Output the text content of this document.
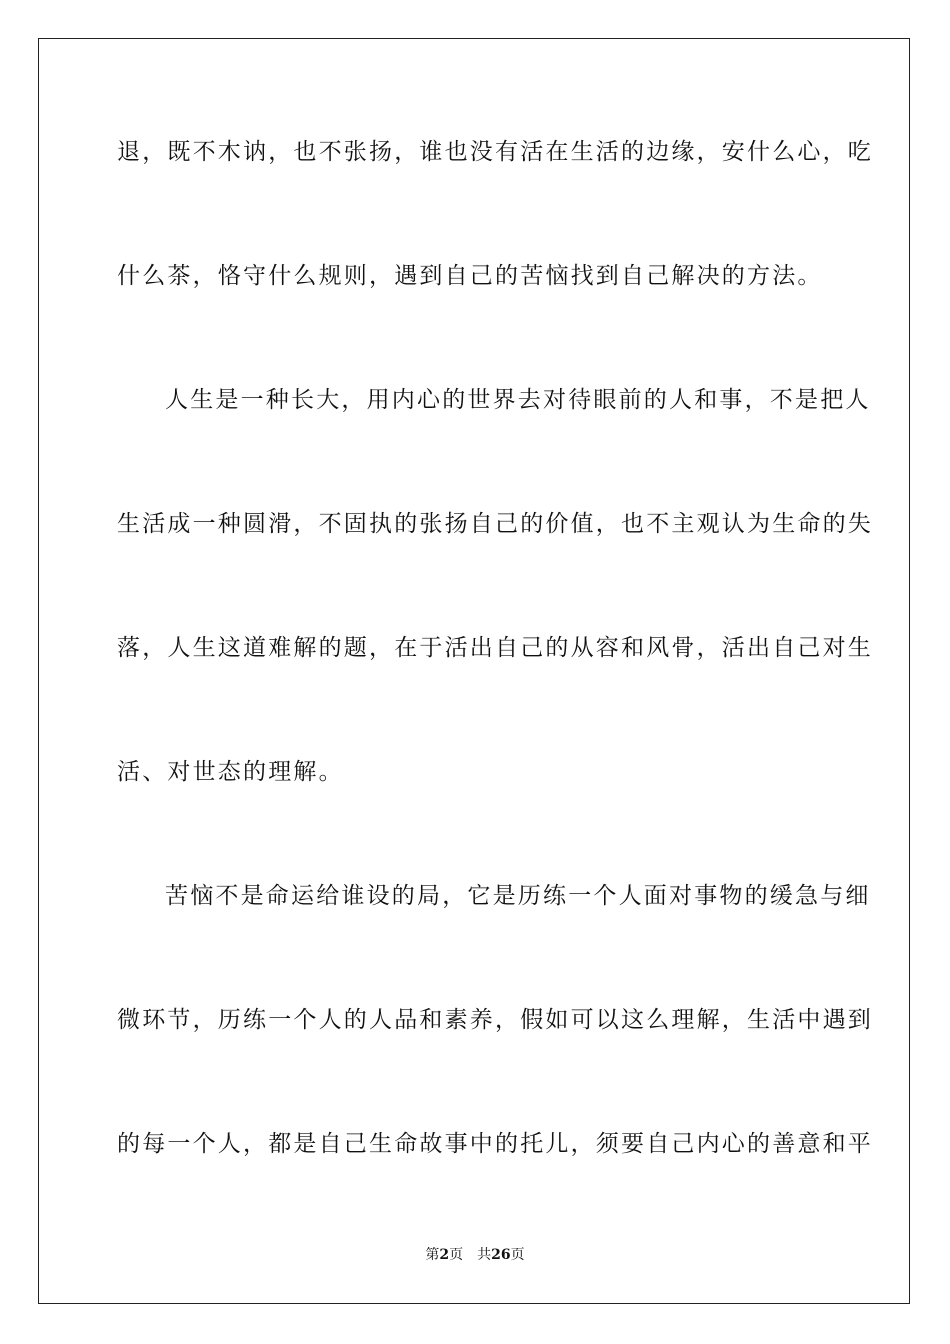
退，既不木讷，也不张扬，谁也没有活在生活的边缘，安什么心，吃
什么茶，恪守什么规则，遇到自己的苦恼找到自己解决的方法。
人生是一种长大，用内心的世界去对待眼前的人和事，不是把人
生活成一种圆滑，不固执的张扬自己的价值，也不主观认为生命的失
落，人生这道难解的题，在于活出自己的从容和风骨，活出自己对生
活、对世态的理解。
苦恼不是命运给谁设的局，它是历练一个人面对事物的缓急与细
微环节，历练一个人的人品和素养，假如可以这么理解，生活中遇到
的每一个人，都是自己生命故事中的托儿，须要自己内心的善意和平
第2页 共26页
